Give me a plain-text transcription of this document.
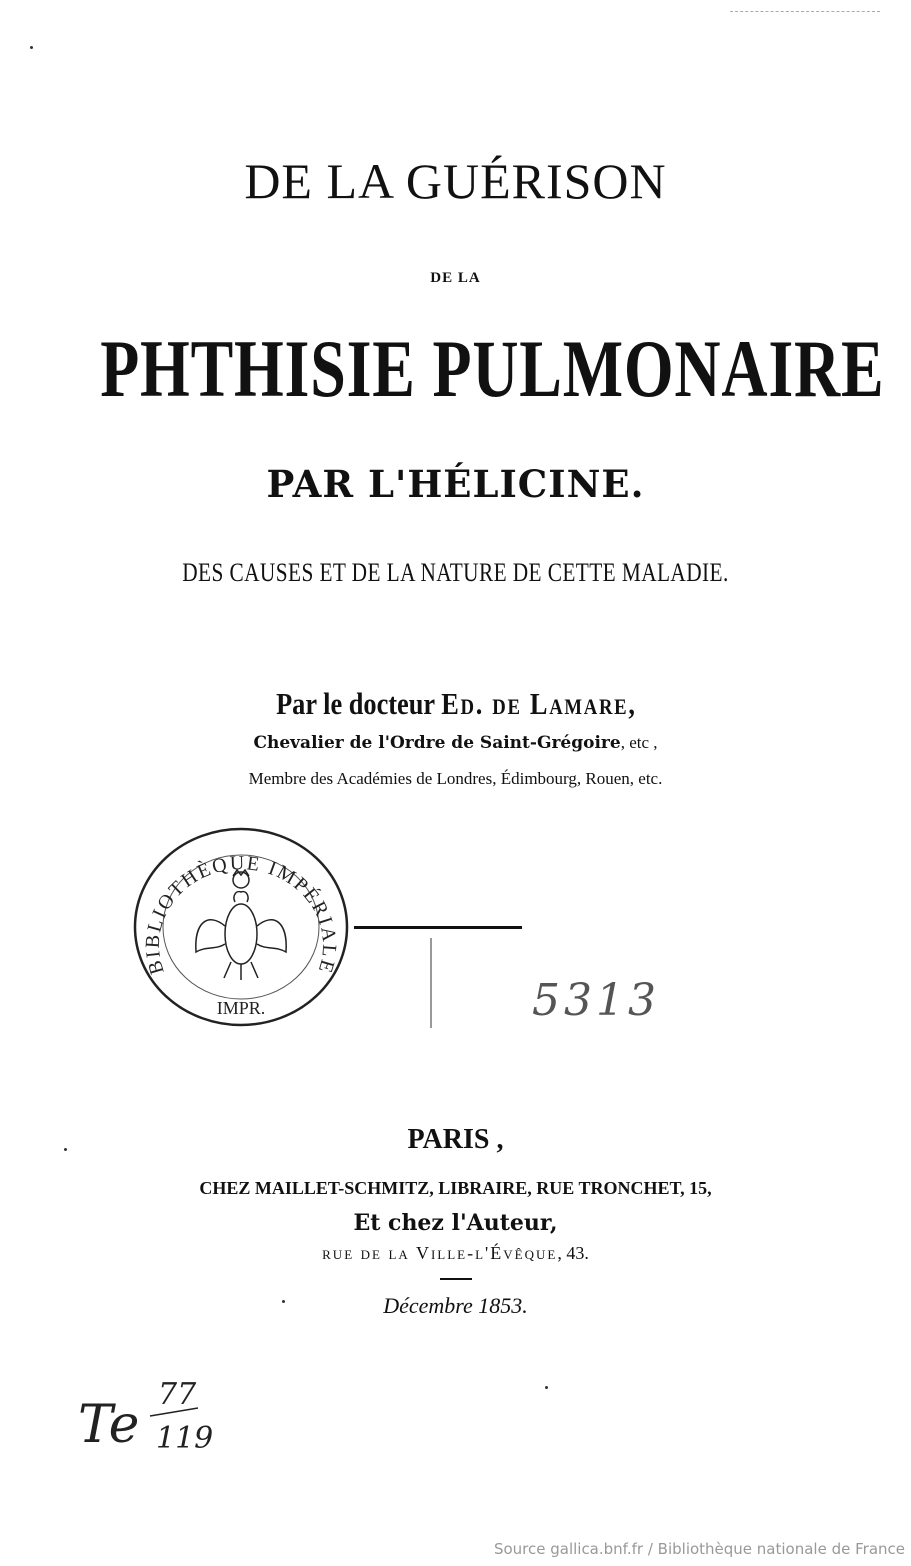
DE LA GUÉRISON
DE LA
PHTHISIE PULMONAIRE
PAR L'HÉLICINE.
DES CAUSES ET DE LA NATURE DE CETTE MALADIE.
Par le docteur Ed. de Lamare,
Chevalier de l'Ordre de Saint-Grégoire, etc ,
Membre des Académies de Londres, Édimbourg, Rouen, etc.
BIBLIOTHÈQUE IMPÉRIALE
IMPR.	5313
PARIS ,
CHEZ MAILLET-SCHMITZ, LIBRAIRE, RUE TRONCHET, 15,
Et chez l'Auteur,
rue de la Ville-l'Évêque, 43.
Décembre 1853.
Te
77
119
Source gallica.bnf.fr / Bibliothèque nationale de France
